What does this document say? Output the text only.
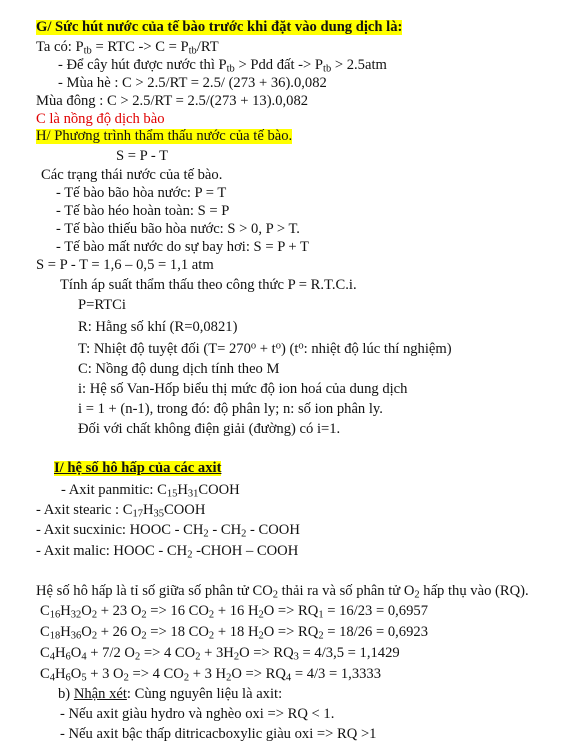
G/ Sức hút nước của tế bào trước khi đặt vào dung dịch là:
Ta có: $P_{tb}$ = RTC -> $C = P_{tb}/RT$
- Để cây hút được nước thì $P_{tb}$ > Pdd đất -> $P_{tb} > 2.5atm$
- Mùa hè : C > 2.5/RT = 2.5/ (273 + 36).0,082
Mùa đông : C > 2.5/RT = 2.5/(273 + 13).0,082
C là nồng độ dịch bào
H/ Phương trình thẩm thấu nước của tế bào.
S = P - T
Các trạng thái nước của tế bào.
- Tế bào bão hòa nước: P = T
- Tế bào héo hoàn toàn: S = P
- Tế bào thiếu bão hòa nước: S > 0, P > T.
- Tế bào mất nước do sự bay hơi: S = P + T
S = P - T = 1,6 – 0,5 = 1,1 atm
Tính áp suất thẩm thấu theo công thức P = R.T.C.i.
P=RTCi
R: Hằng số khí (R=0,0821)
T: Nhiệt độ tuyệt đối $(T= 270^o + t^o)$ ($t^o$: nhiệt độ lúc thí nghiệm)
C: Nồng độ dung dịch tính theo M
i: Hệ số Van-Hốp biểu thị mức độ ion hoá của dung dịch
i = 1 + (n-1), trong đó: độ phân ly; n: số ion phân ly.
Đối với chất không điện giải (đường) có i=1.
I/ hệ số hô hấp của các axit
- Axit panmitic: $C_{15}H_{31}COOH$
- Axit stearic : $C_{17}H_{35}COOH$
- Axit sucxinic: HOOC - $CH_2 - CH_2$ - COOH
- Axit malic: HOOC - $CH_2$ -CHOH – COOH
Hệ số hô hấp là tỉ số giữa số phân tử $CO_2$ thải ra và số phân tử $O_2$ hấp thụ vào (RQ).
$C_{16}H_{32}O_2 + 23$ $O_2 => 16$ $CO_2 + 16$ $H_2O => RQ_1 = 16/23 = 0,6957$
$C_{18}H_{36}O_2 + 26$ $O_2 => 18$ $CO_2 + 18$ $H_2O => RQ_2 = 18/26 = 0,6923$
$C_4H_6O_4 + 7/2$ $O_2 => 4$ $CO_2 + 3H_2O => RQ_3 = 4/3,5 = 1,1429$
$C_4H_6O_5 + 3$ $O_2 => 4$ $CO_2 + 3$ $H_2O => RQ_4 = 4/3 = 1,3333$
b) Nhận xét: Cùng nguyên liệu là axit:
- Nếu axit giàu hydro và nghèo oxi => RQ < 1.
- Nếu axit bậc thấp ditricacboxylic giàu oxi => RQ >1
